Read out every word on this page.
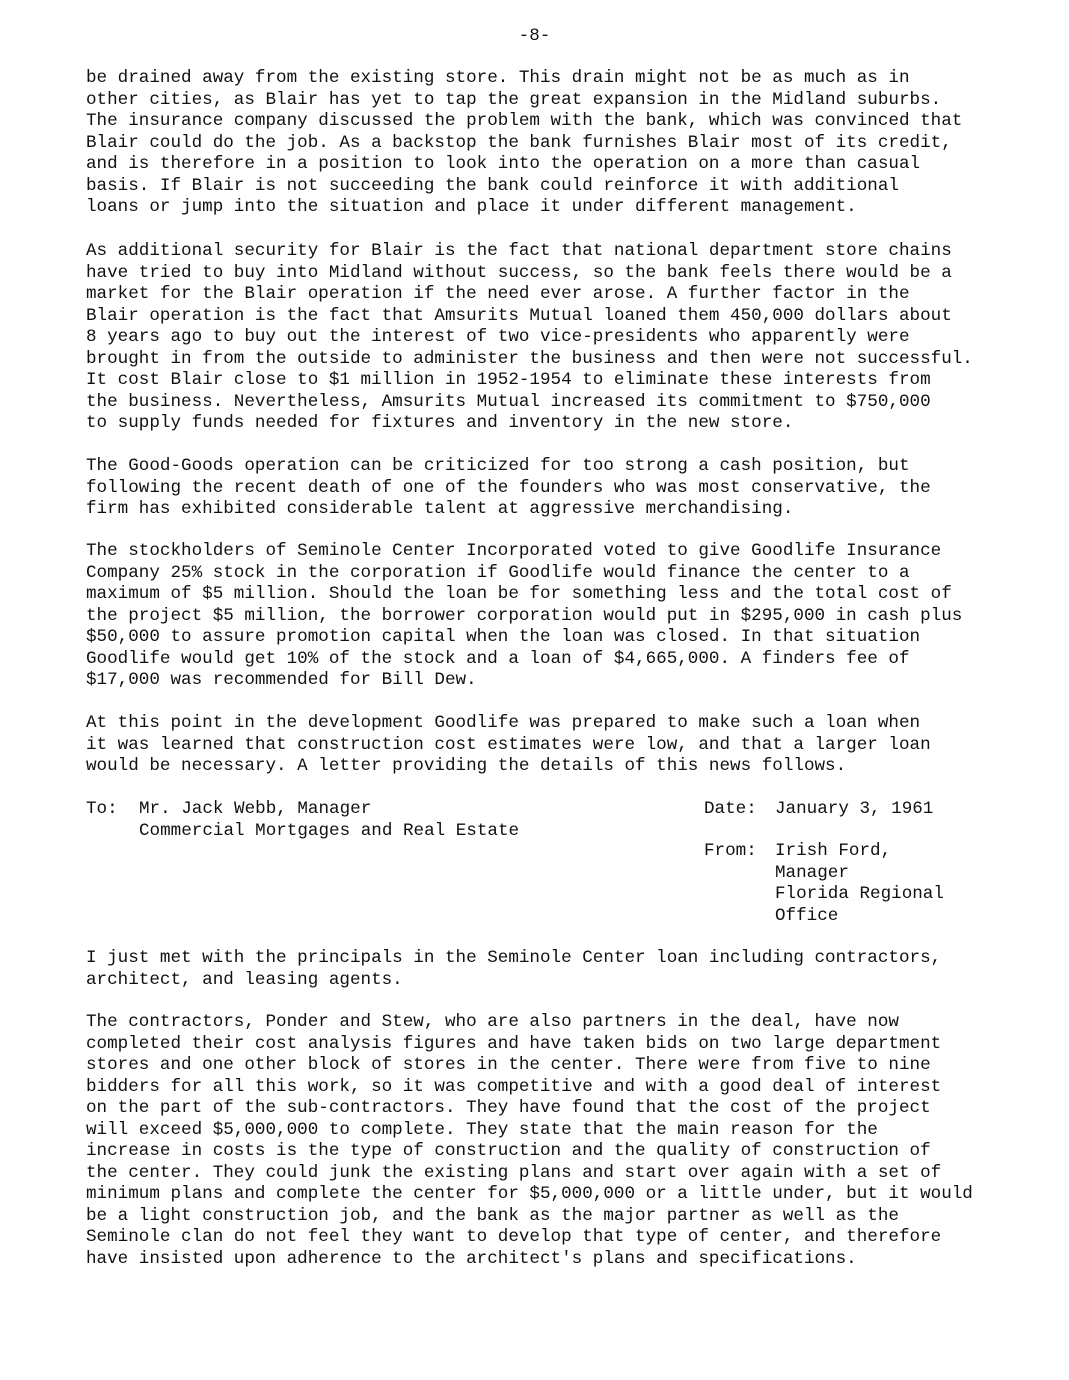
-8-

be drained away from the existing store. This drain might not be as much as in
other cities, as Blair has yet to tap the great expansion in the Midland suburbs.
The insurance company discussed the problem with the bank, which was convinced that
Blair could do the job. As a backstop the bank furnishes Blair most of its credit,
and is therefore in a position to look into the operation on a more than casual
basis. If Blair is not succeeding the bank could reinforce it with additional
loans or jump into the situation and place it under different management.

As additional security for Blair is the fact that national department store chains
have tried to buy into Midland without success, so the bank feels there would be a
market for the Blair operation if the need ever arose. A further factor in the
Blair operation is the fact that Amsurits Mutual loaned them 450,000 dollars about
8 years ago to buy out the interest of two vice-presidents who apparently were
brought in from the outside to administer the business and then were not successful.
It cost Blair close to $1 million in 1952-1954 to eliminate these interests from
the business. Nevertheless, Amsurits Mutual increased its commitment to $750,000
to supply funds needed for fixtures and inventory in the new store.

The Good-Goods operation can be criticized for too strong a cash position, but
following the recent death of one of the founders who was most conservative, the
firm has exhibited considerable talent at aggressive merchandising.

The stockholders of Seminole Center Incorporated voted to give Goodlife Insurance
Company 25% stock in the corporation if Goodlife would finance the center to a
maximum of $5 million. Should the loan be for something less and the total cost of
the project $5 million, the borrower corporation would put in $295,000 in cash plus
$50,000 to assure promotion capital when the loan was closed. In that situation
Goodlife would get 10% of the stock and a loan of $4,665,000. A finders fee of
$17,000 was recommended for Bill Dew.

At this point in the development Goodlife was prepared to make such a loan when
it was learned that construction cost estimates were low, and that a larger loan
would be necessary. A letter providing the details of this news follows.

To: Mr. Jack Webb, Manager
Commercial Mortgages and Real Estate
Date: January 3, 1961
From: Irish Ford,
Manager
Florida Regional
Office

I just met with the principals in the Seminole Center loan including contractors,
architect, and leasing agents.

The contractors, Ponder and Stew, who are also partners in the deal, have now
completed their cost analysis figures and have taken bids on two large department
stores and one other block of stores in the center. There were from five to nine
bidders for all this work, so it was competitive and with a good deal of interest
on the part of the sub-contractors. They have found that the cost of the project
will exceed $5,000,000 to complete. They state that the main reason for the
increase in costs is the type of construction and the quality of construction of
the center. They could junk the existing plans and start over again with a set of
minimum plans and complete the center for $5,000,000 or a little under, but it would
be a light construction job, and the bank as the major partner as well as the
Seminole clan do not feel they want to develop that type of center, and therefore
have insisted upon adherence to the architect's plans and specifications.
